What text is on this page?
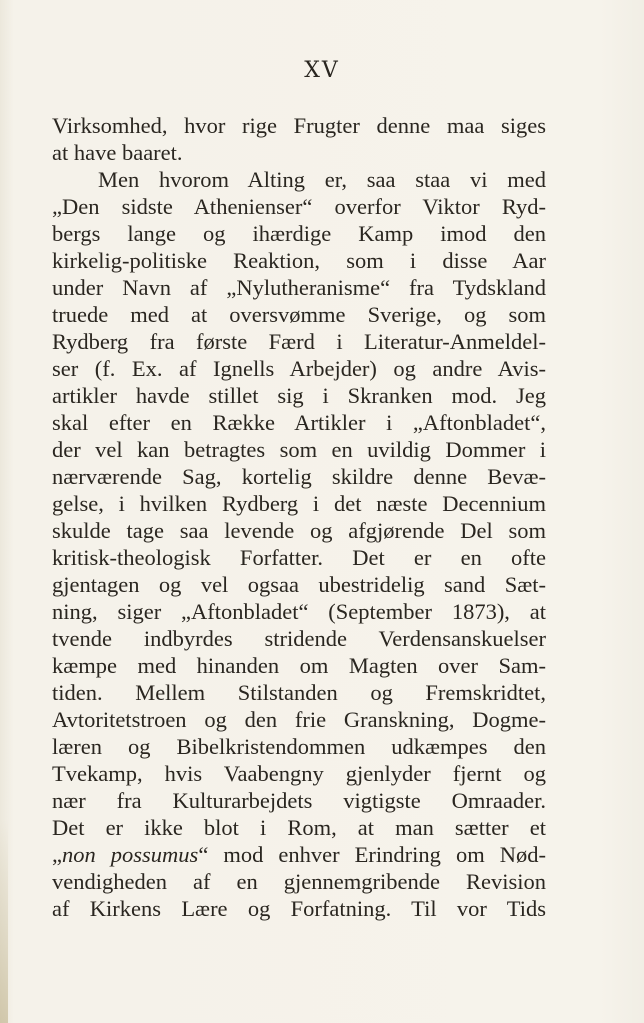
XV
Virksomhed, hvor rige Frugter denne maa siges
at have baaret.
Men hvorom Alting er, saa staa vi med
„Den sidste Athenienser“ overfor Viktor Ryd-
bergs lange og ihærdige Kamp imod den
kirkelig-politiske Reaktion, som i disse Aar
under Navn af „Nylutheranisme“ fra Tydskland
truede med at oversvømme Sverige, og som
Rydberg fra første Færd i Literatur-Anmeldel-
ser (f. Ex. af Ignells Arbejder) og andre Avis-
artikler havde stillet sig i Skranken mod. Jeg
skal efter en Række Artikler i „Aftonbladet“,
der vel kan betragtes som en uvildig Dommer i
nærværende Sag, kortelig skildre denne Bevæ-
gelse, i hvilken Rydberg i det næste Decennium
skulde tage saa levende og afgjørende Del som
kritisk-theologisk Forfatter. Det er en ofte
gjentagen og vel ogsaa ubestridelig sand Sæt-
ning, siger „Aftonbladet“ (September 1873), at
tvende indbyrdes stridende Verdensanskuelser
kæmpe med hinanden om Magten over Sam-
tiden. Mellem Stilstanden og Fremskridtet,
Avtoritetstroen og den frie Granskning, Dogme-
læren og Bibelkristendommen udkæmpes den
Tvekamp, hvis Vaabengny gjenlyder fjernt og
nær fra Kulturarbejdets vigtigste Omraader.
Det er ikke blot i Rom, at man sætter et
„non possumus“ mod enhver Erindring om Nød-
vendigheden af en gjennemgribende Revision
af Kirkens Lære og Forfatning. Til vor Tids
